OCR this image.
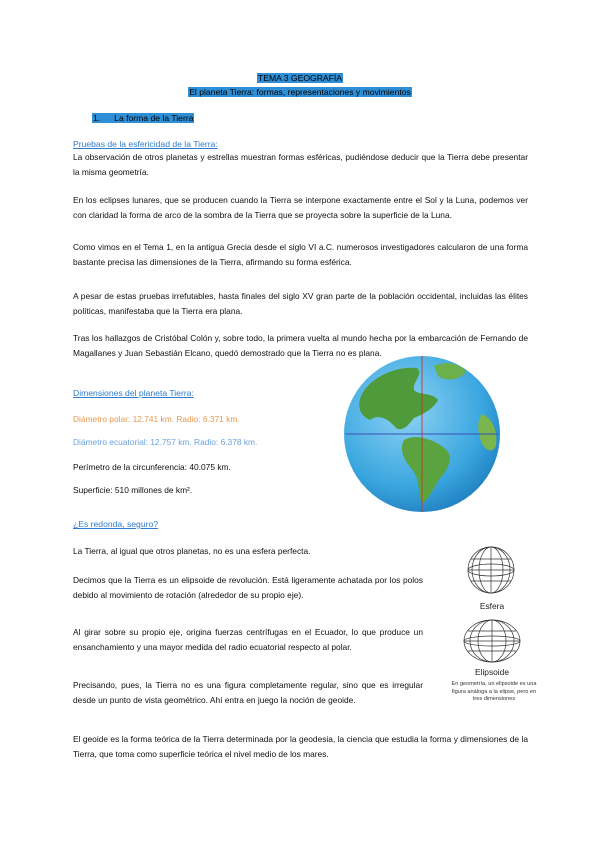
TEMA 3 GEOGRAFÍA
El planeta Tierra: formas, representaciones y movimientos
1. La forma de la Tierra
Pruebas de la esfericidad de la Tierra:
La observación de otros planetas y estrellas muestran formas esféricas, pudiéndose deducir que la Tierra debe presentar la misma geometría.
En los eclipses lunares, que se producen cuando la Tierra se interpone exactamente entre el Sol y la Luna, podemos ver con claridad la forma de arco de la sombra de la Tierra que se proyecta sobre la superficie de la Luna.
Como vimos en el Tema 1, en la antigua Grecia desde el siglo VI a.C. numerosos investigadores calcularon de una forma bastante precisa las dimensiones de la Tierra, afirmando su forma esférica.
A pesar de estas pruebas irrefutables, hasta finales del siglo XV gran parte de la población occidental, incluidas las élites políticas, manifestaba que la Tierra era plana.
Tras los hallazgos de Cristóbal Colón y, sobre todo, la primera vuelta al mundo hecha por la embarcación de Fernando de Magallanes y Juan Sebastián Elcano, quedó demostrado que la Tierra no es plana.
Dimensiones del planeta Tierra:
Diámetro polar: 12.741 km. Radio: 6.371 km.
Diámetro ecuatorial: 12.757 km. Radio: 6.378 km.
Perímetro de la circunferencia: 40.075 km.
Superficie: 510 millones de km².
¿Es redonda, seguro?
La Tierra, al igual que otros planetas, no es una esfera perfecta.
Decimos que la Tierra es un elipsoide de revolución. Está ligeramente achatada por los polos debido al movimiento de rotación (alrededor de su propio eje).
Al girar sobre su propio eje, origina fuerzas centrífugas en el Ecuador, lo que produce un ensanchamiento y una mayor medida del radio ecuatorial respecto al polar.
Precisando, pues, la Tierra no es una figura completamente regular, sino que es irregular desde un punto de vista geométrico. Ahí entra en juego la noción de geoide.
El geoide es la forma teórica de la Tierra determinada por la geodesia, la ciencia que estudia la forma y dimensiones de la Tierra, que toma como superficie teórica el nivel medio de los mares.
Esfera
Elipsoide
En geometría, un elipsoide es una figura análoga a la elipse, pero en tres dimensiones
